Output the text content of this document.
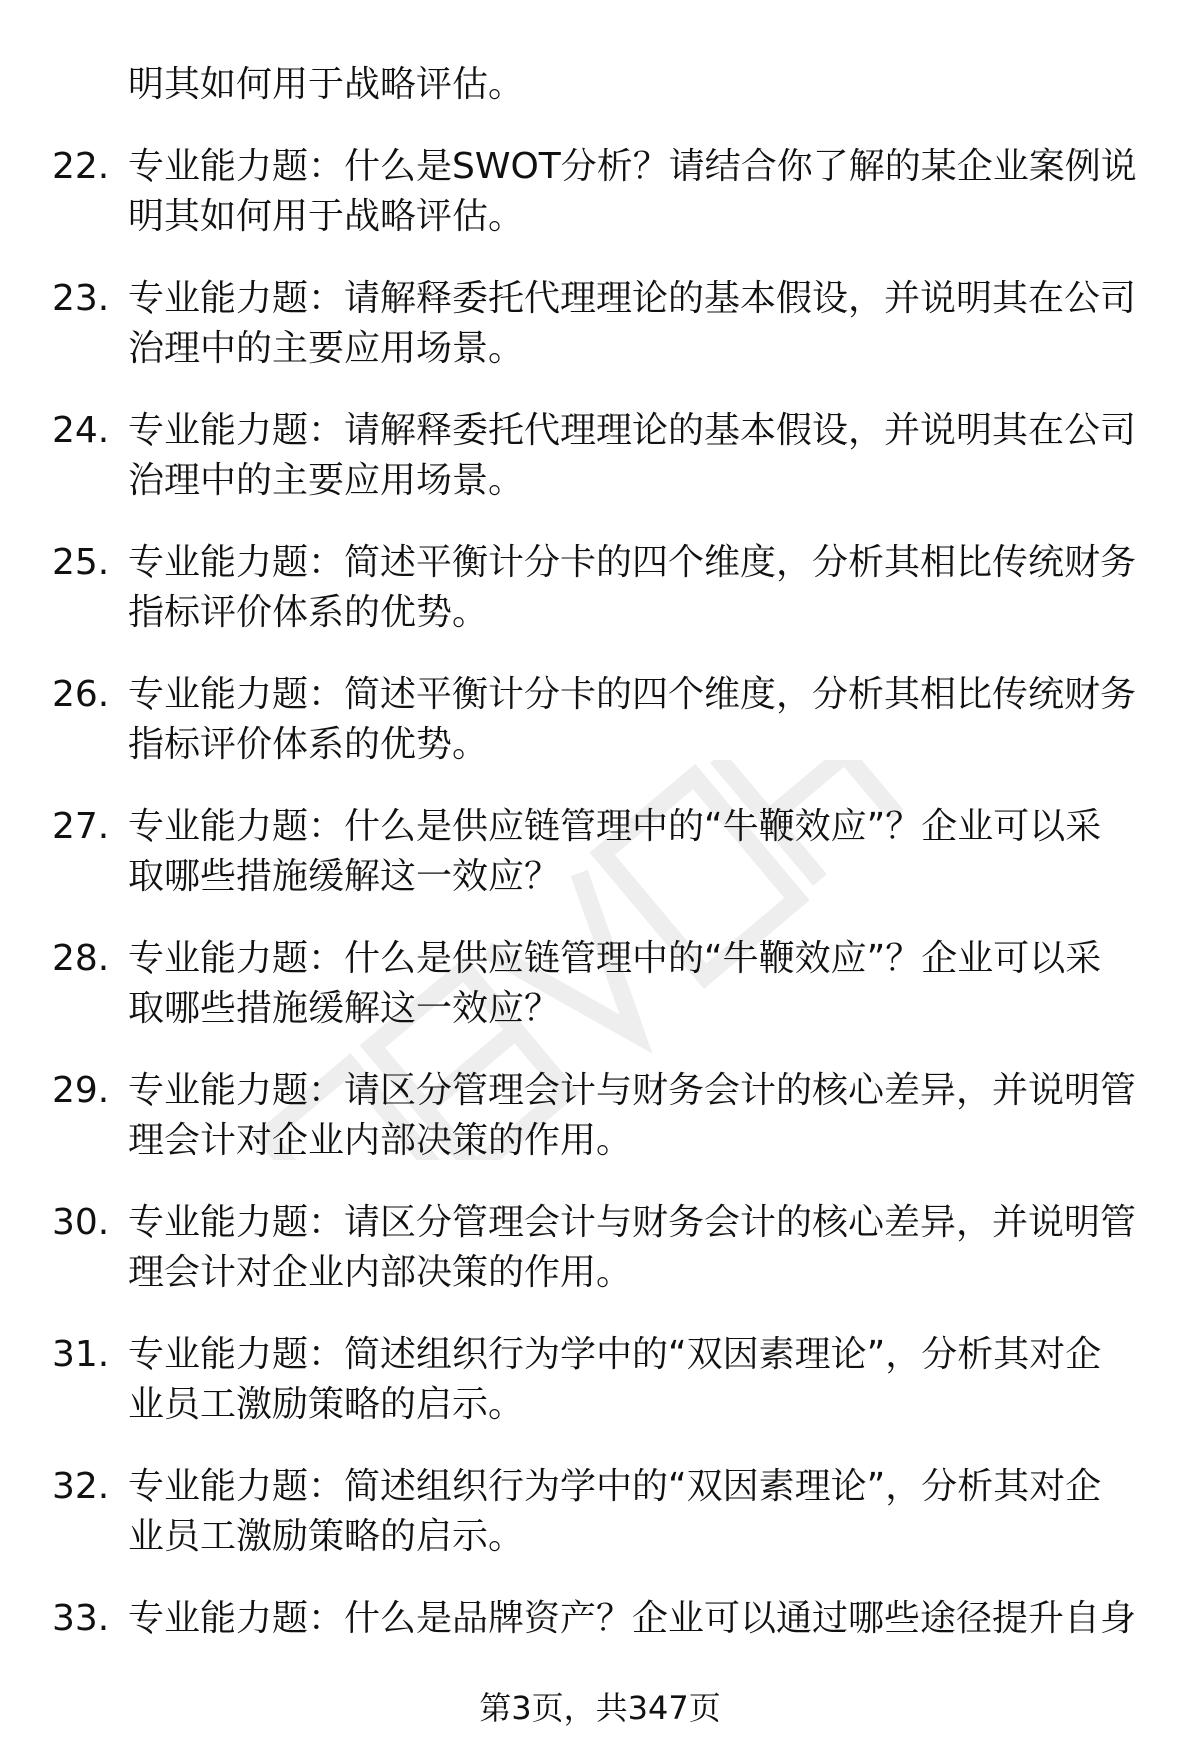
明其如何用于战略评估。
22. 专业能力题：什么是SWOT分析？请结合你了解的某企业案例说
明其如何用于战略评估。
23. 专业能力题：请解释委托代理理论的基本假设，并说明其在公司
治理中的主要应用场景。
24. 专业能力题：请解释委托代理理论的基本假设，并说明其在公司
治理中的主要应用场景。
25. 专业能力题：简述平衡计分卡的四个维度，分析其相比传统财务
指标评价体系的优势。
26. 专业能力题：简述平衡计分卡的四个维度，分析其相比传统财务
指标评价体系的优势。
27. 专业能力题：什么是供应链管理中的“牛鞭效应”？企业可以采
取哪些措施缓解这一效应？
28. 专业能力题：什么是供应链管理中的“牛鞭效应”？企业可以采
取哪些措施缓解这一效应？
29. 专业能力题：请区分管理会计与财务会计的核心差异，并说明管
理会计对企业内部决策的作用。
30. 专业能力题：请区分管理会计与财务会计的核心差异，并说明管
理会计对企业内部决策的作用。
31. 专业能力题：简述组织行为学中的“双因素理论”，分析其对企
业员工激励策略的启示。
32. 专业能力题：简述组织行为学中的“双因素理论”，分析其对企
业员工激励策略的启示。
33. 专业能力题：什么是品牌资产？企业可以通过哪些途径提升自身
第3页，共347页
